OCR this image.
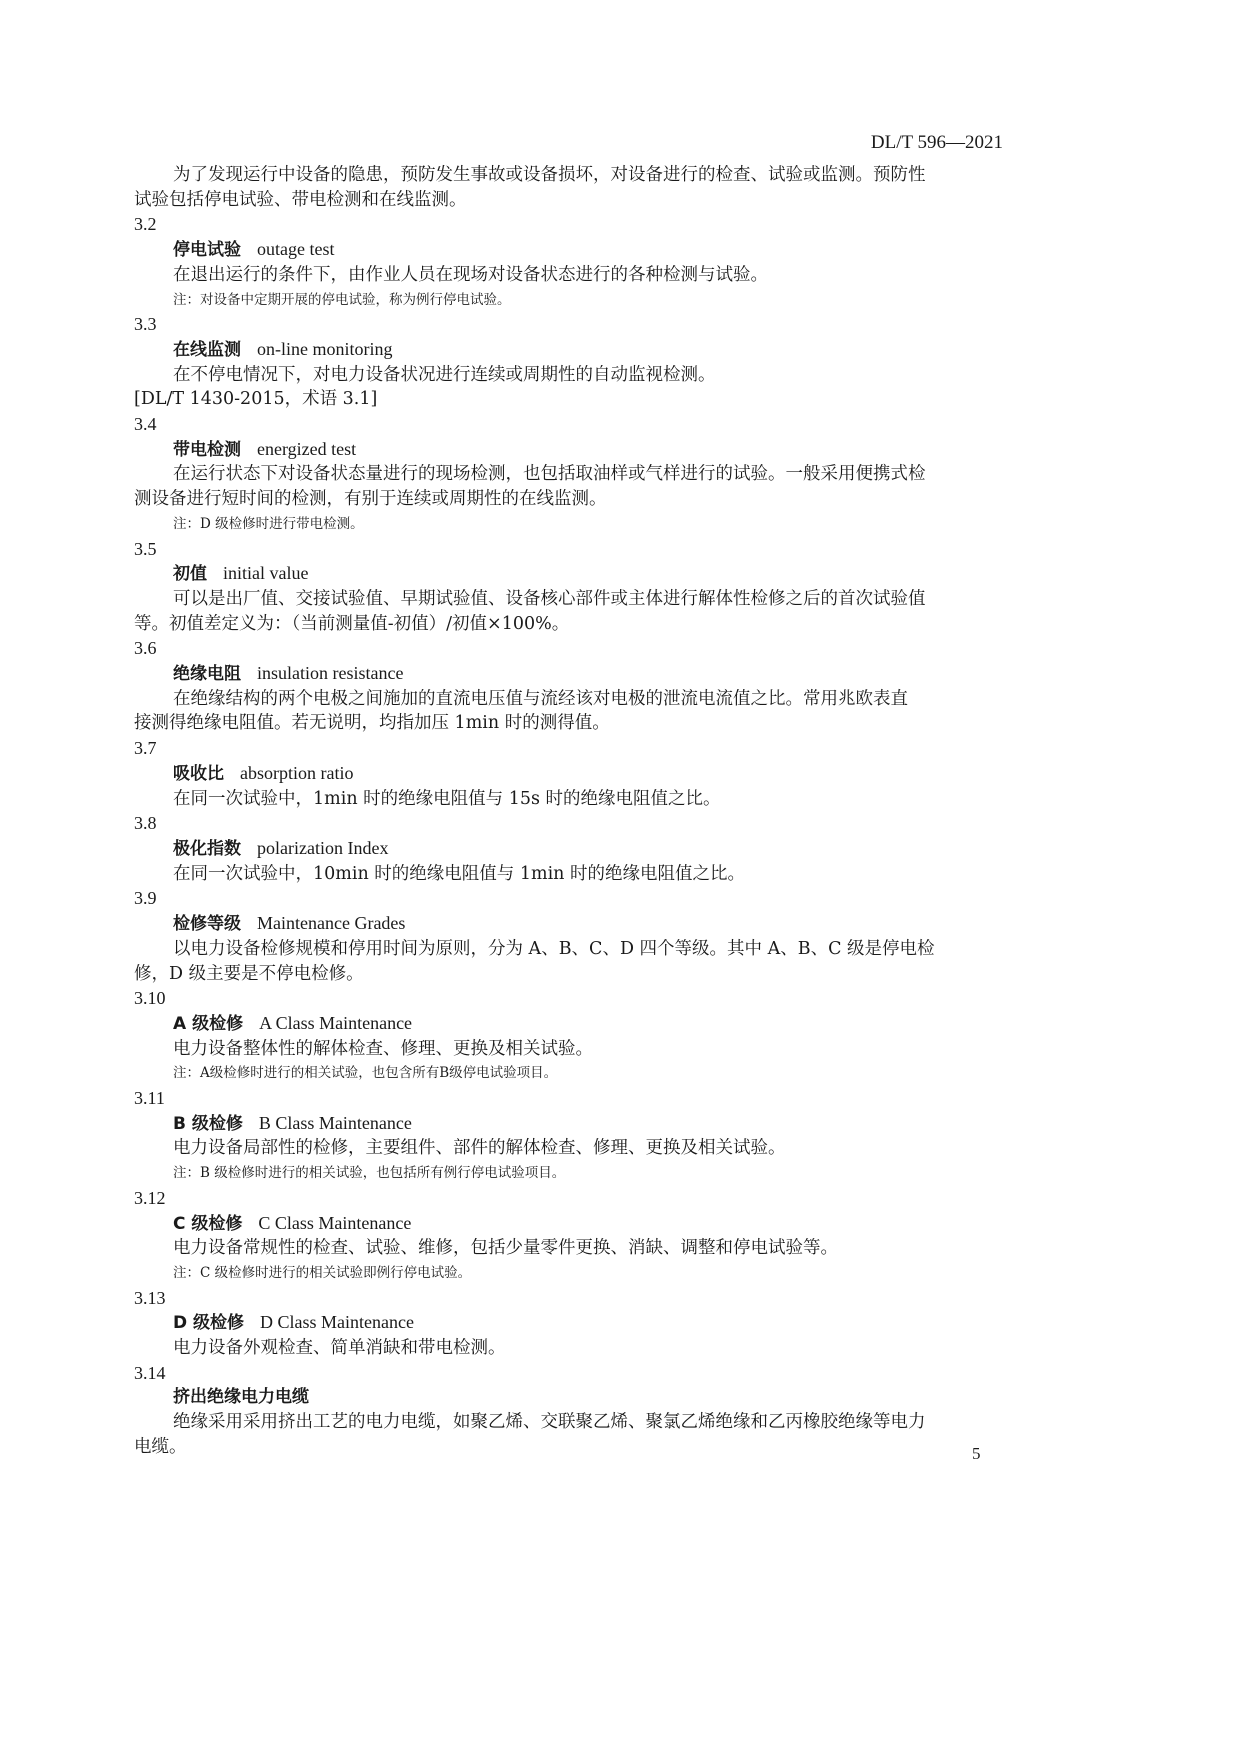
DL/T 596—2021
为了发现运行中设备的隐患，预防发生事故或设备损坏，对设备进行的检查、试验或监测。预防性
试验包括停电试验、带电检测和在线监测。
3.2
停电试验 outage test
在退出运行的条件下，由作业人员在现场对设备状态进行的各种检测与试验。
注：对设备中定期开展的停电试验，称为例行停电试验。
3.3
在线监测 on-line monitoring
在不停电情况下，对电力设备状况进行连续或周期性的自动监视检测。
[DL/T 1430-2015，术语 3.1]
3.4
带电检测 energized test
在运行状态下对设备状态量进行的现场检测，也包括取油样或气样进行的试验。一般采用便携式检
测设备进行短时间的检测，有别于连续或周期性的在线监测。
注：D 级检修时进行带电检测。
3.5
初值 initial value
可以是出厂值、交接试验值、早期试验值、设备核心部件或主体进行解体性检修之后的首次试验值
等。初值差定义为：（当前测量值-初值）/初值×100%。
3.6
绝缘电阻 insulation resistance
在绝缘结构的两个电极之间施加的直流电压值与流经该对电极的泄流电流值之比。常用兆欧表直
接测得绝缘电阻值。若无说明，均指加压 1min 时的测得值。
3.7
吸收比 absorption ratio
在同一次试验中，1min 时的绝缘电阻值与 15s 时的绝缘电阻值之比。
3.8
极化指数 polarization Index
在同一次试验中，10min 时的绝缘电阻值与 1min 时的绝缘电阻值之比。
3.9
检修等级 Maintenance Grades
以电力设备检修规模和停用时间为原则，分为 A、B、C、D 四个等级。其中 A、B、C 级是停电检
修，D 级主要是不停电检修。
3.10
A 级检修 A Class Maintenance
电力设备整体性的解体检查、修理、更换及相关试验。
注：A级检修时进行的相关试验，也包含所有B级停电试验项目。
3.11
B 级检修 B Class Maintenance
电力设备局部性的检修，主要组件、部件的解体检查、修理、更换及相关试验。
注：B 级检修时进行的相关试验，也包括所有例行停电试验项目。
3.12
C 级检修 C Class Maintenance
电力设备常规性的检查、试验、维修，包括少量零件更换、消缺、调整和停电试验等。
注：C 级检修时进行的相关试验即例行停电试验。
3.13
D 级检修 D Class Maintenance
电力设备外观检查、简单消缺和带电检测。
3.14
挤出绝缘电力电缆
绝缘采用采用挤出工艺的电力电缆，如聚乙烯、交联聚乙烯、聚氯乙烯绝缘和乙丙橡胶绝缘等电力
电缆。	5
